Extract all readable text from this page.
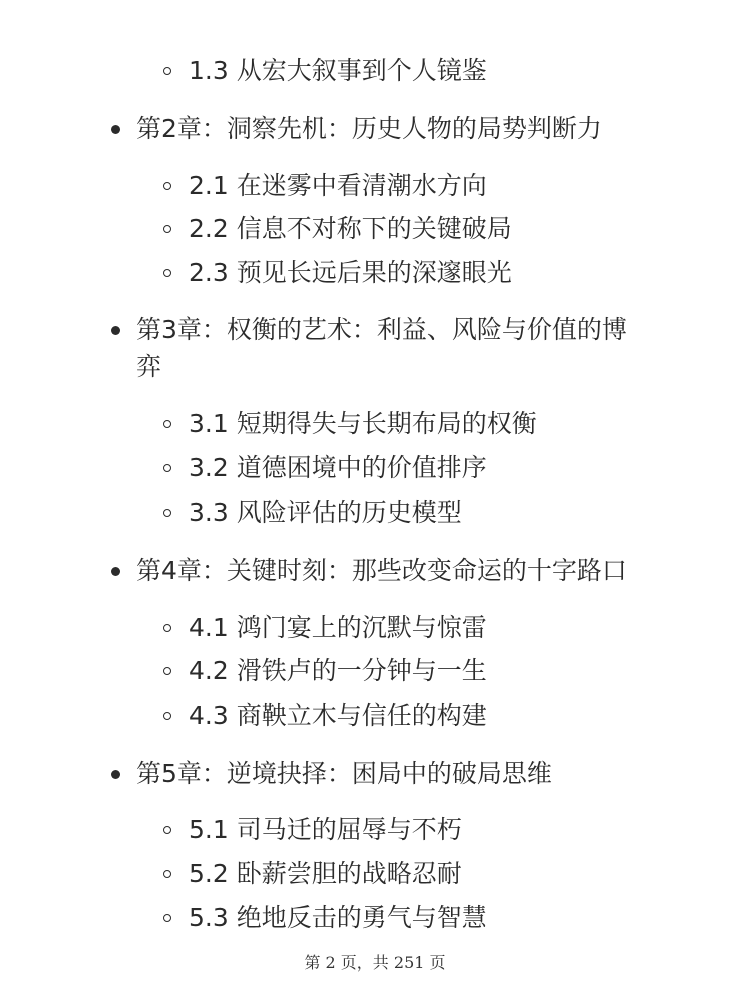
1.3 从宏大叙事到个人镜鉴
第2章：洞察先机：历史人物的局势判断力
2.1 在迷雾中看清潮水方向
2.2 信息不对称下的关键破局
2.3 预见长远后果的深邃眼光
第3章：权衡的艺术：利益、风险与价值的博
弈
3.1 短期得失与长期布局的权衡
3.2 道德困境中的价值排序
3.3 风险评估的历史模型
第4章：关键时刻：那些改变命运的十字路口
4.1 鸿门宴上的沉默与惊雷
4.2 滑铁卢的一分钟与一生
4.3 商鞅立木与信任的构建
第5章：逆境抉择：困局中的破局思维
5.1 司马迁的屈辱与不朽
5.2 卧薪尝胆的战略忍耐
5.3 绝地反击的勇气与智慧
第 2 页，共 251 页
